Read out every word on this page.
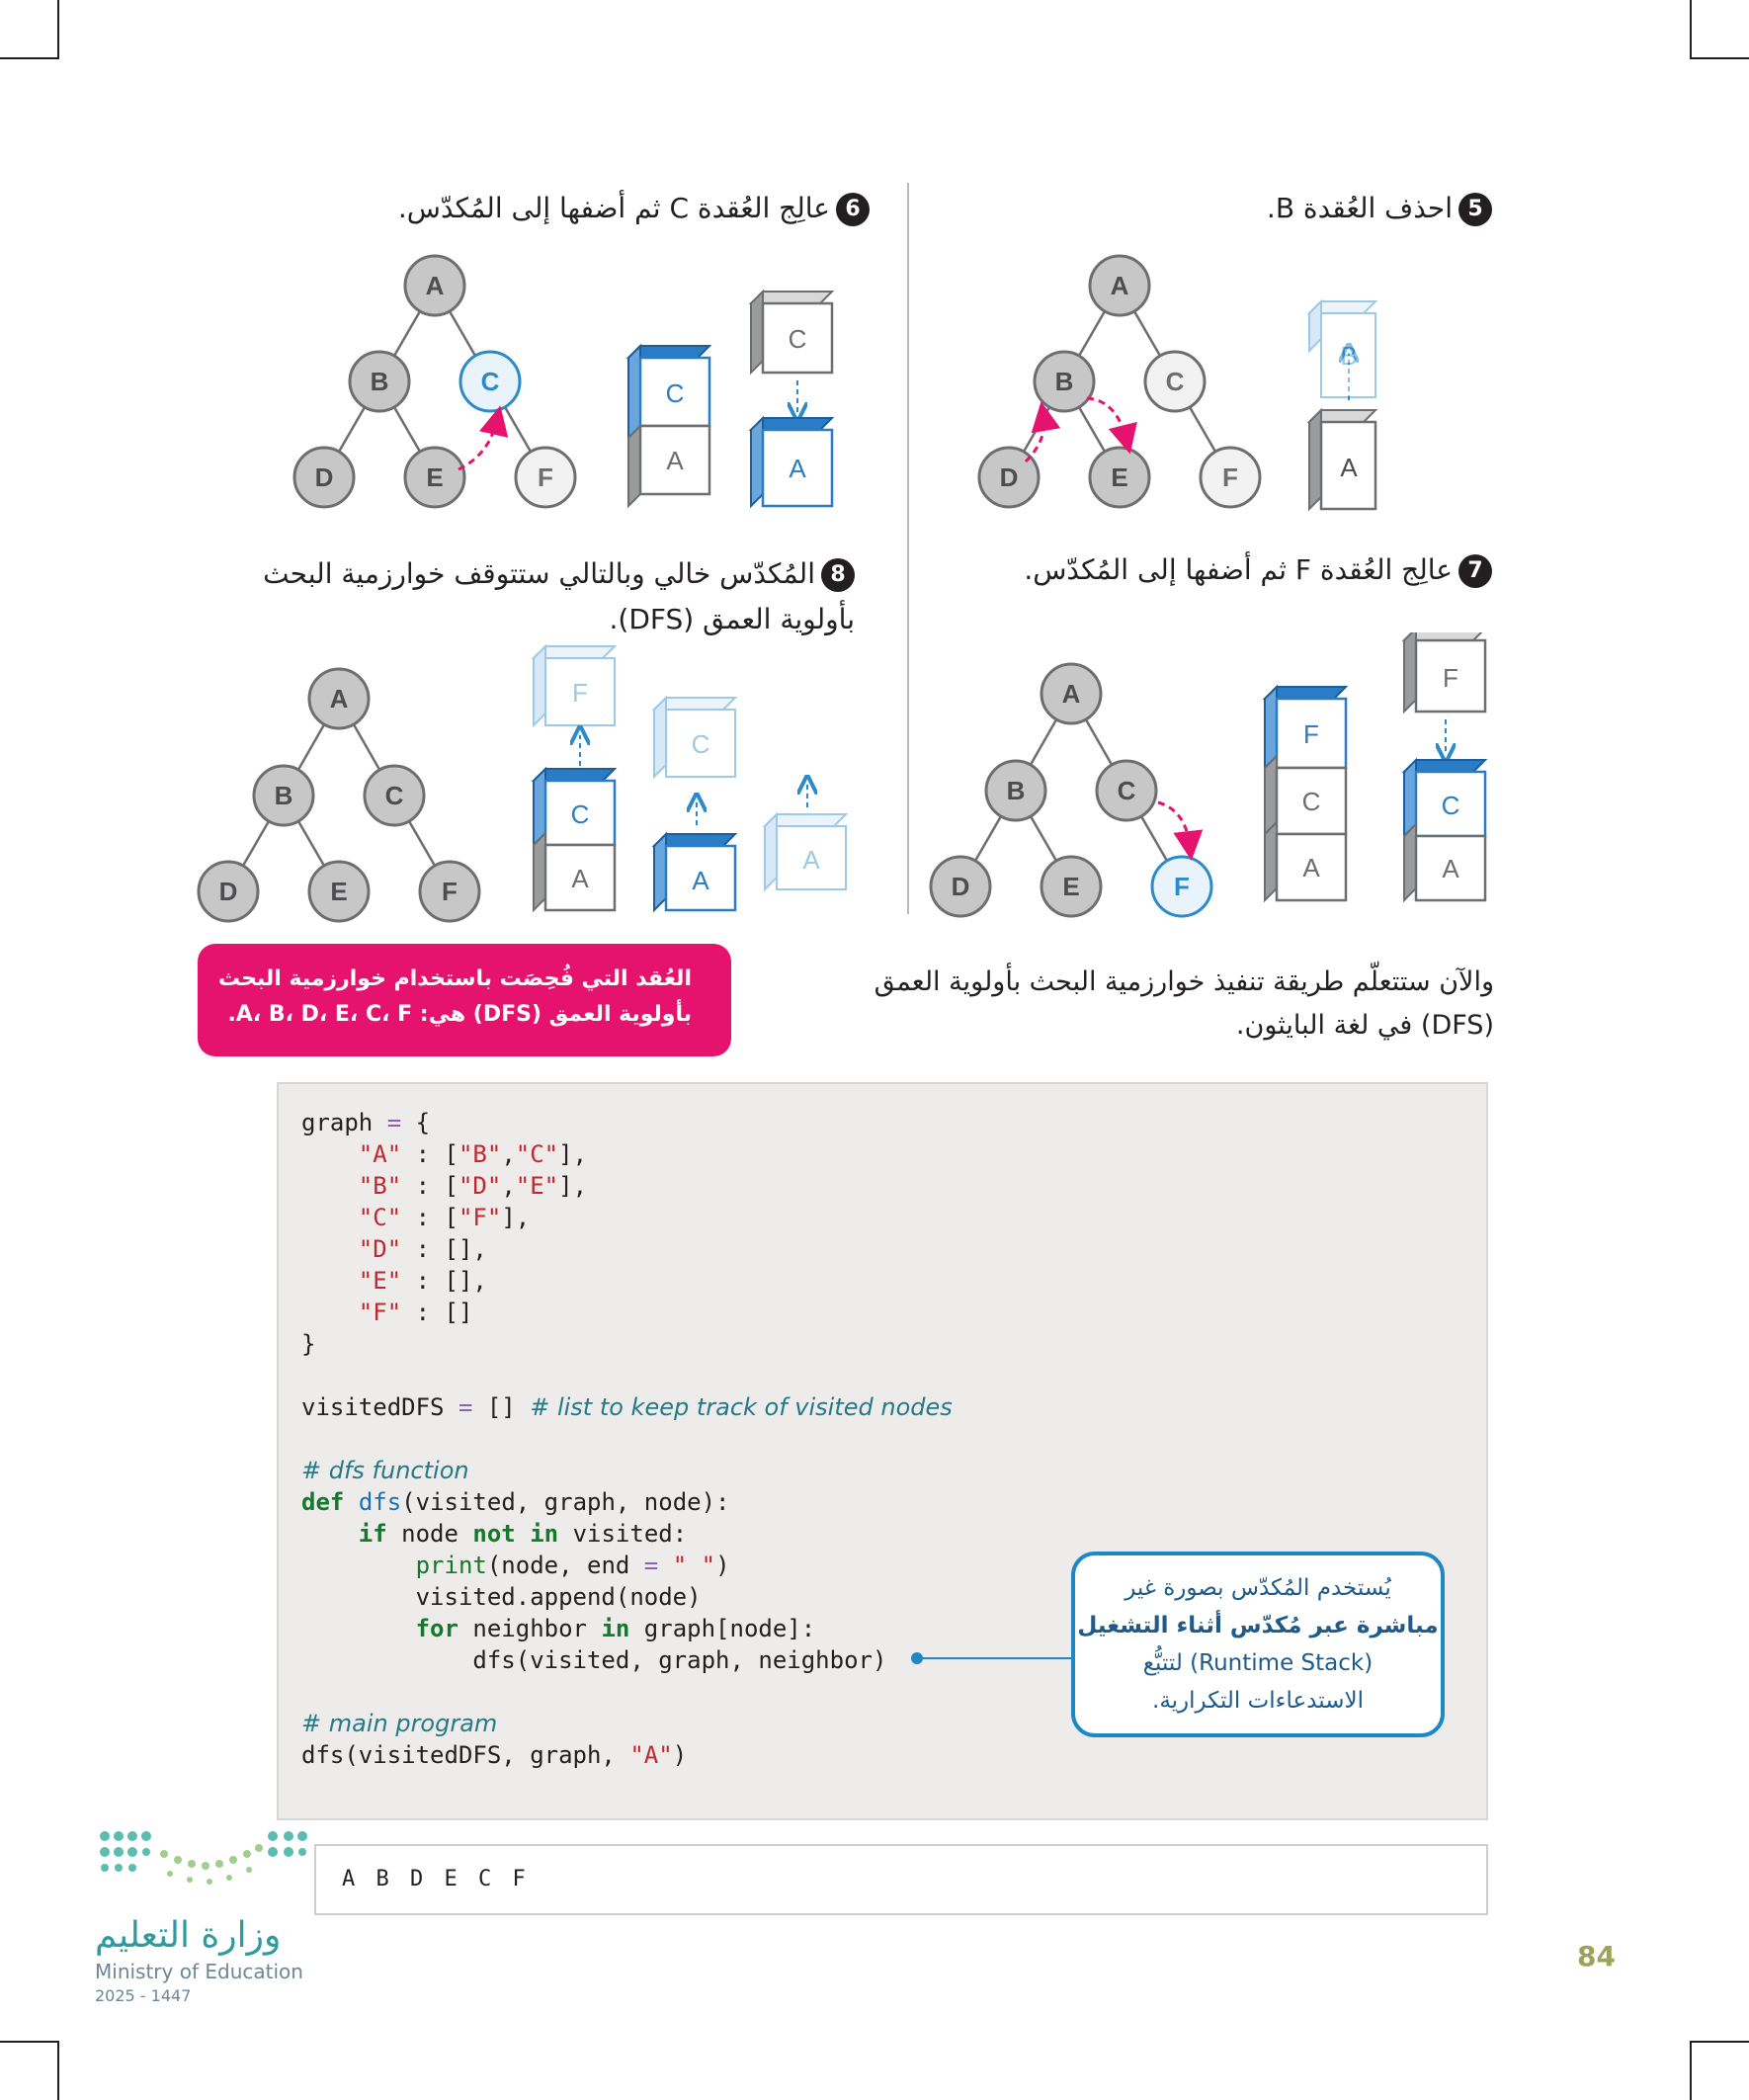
5احذف العُقدة B.
6عالِج العُقدة C ثم أضفها إلى المُكدّس.
7عالِج العُقدة F ثم أضفها إلى المُكدّس.
8المُكدّس خالي وبالتالي ستتوقف خوارزمية البحث
بأولوية العمق (DFS).
A
B	C
D	E	F	A
B
A
B	C
D	E	F
C
A
C
A
A
B	C
D	E	F
F
C
A
F
C
A
A
B	C
D	E	F
F
C
A
C
A
A
العُقد التي فُحِصَت باستخدام خوارزمية البحث
بأولوية العمق (DFS) هي: A، B، D، E، C، F.
والآن ستتعلّم طريقة تنفيذ خوارزمية البحث بأولوية العمق
(DFS) في لغة البايثون.
graph = {
"A" : ["B","C"],
"B" : ["D","E"],
"C" : ["F"],
"D" : [],
"E" : [],
"F" : []
}

visitedDFS = [] # list to keep track of visited nodes

# dfs function
def dfs(visited, graph, node):
if node not in visited:
print(node, end = " ")
visited.append(node)
for neighbor in graph[node]:
dfs(visited, graph, neighbor)

# main program
dfs(visitedDFS, graph, "A")
يُستخدم المُكدّس بصورة غير
مباشرة عبر مُكدّس أثناء التشغيل
(Runtime Stack) لتتبُّع
الاستدعاءات التكرارية.
A B D E C F
وزارة التعليم
Ministry of Education
2025 - 1447
84
